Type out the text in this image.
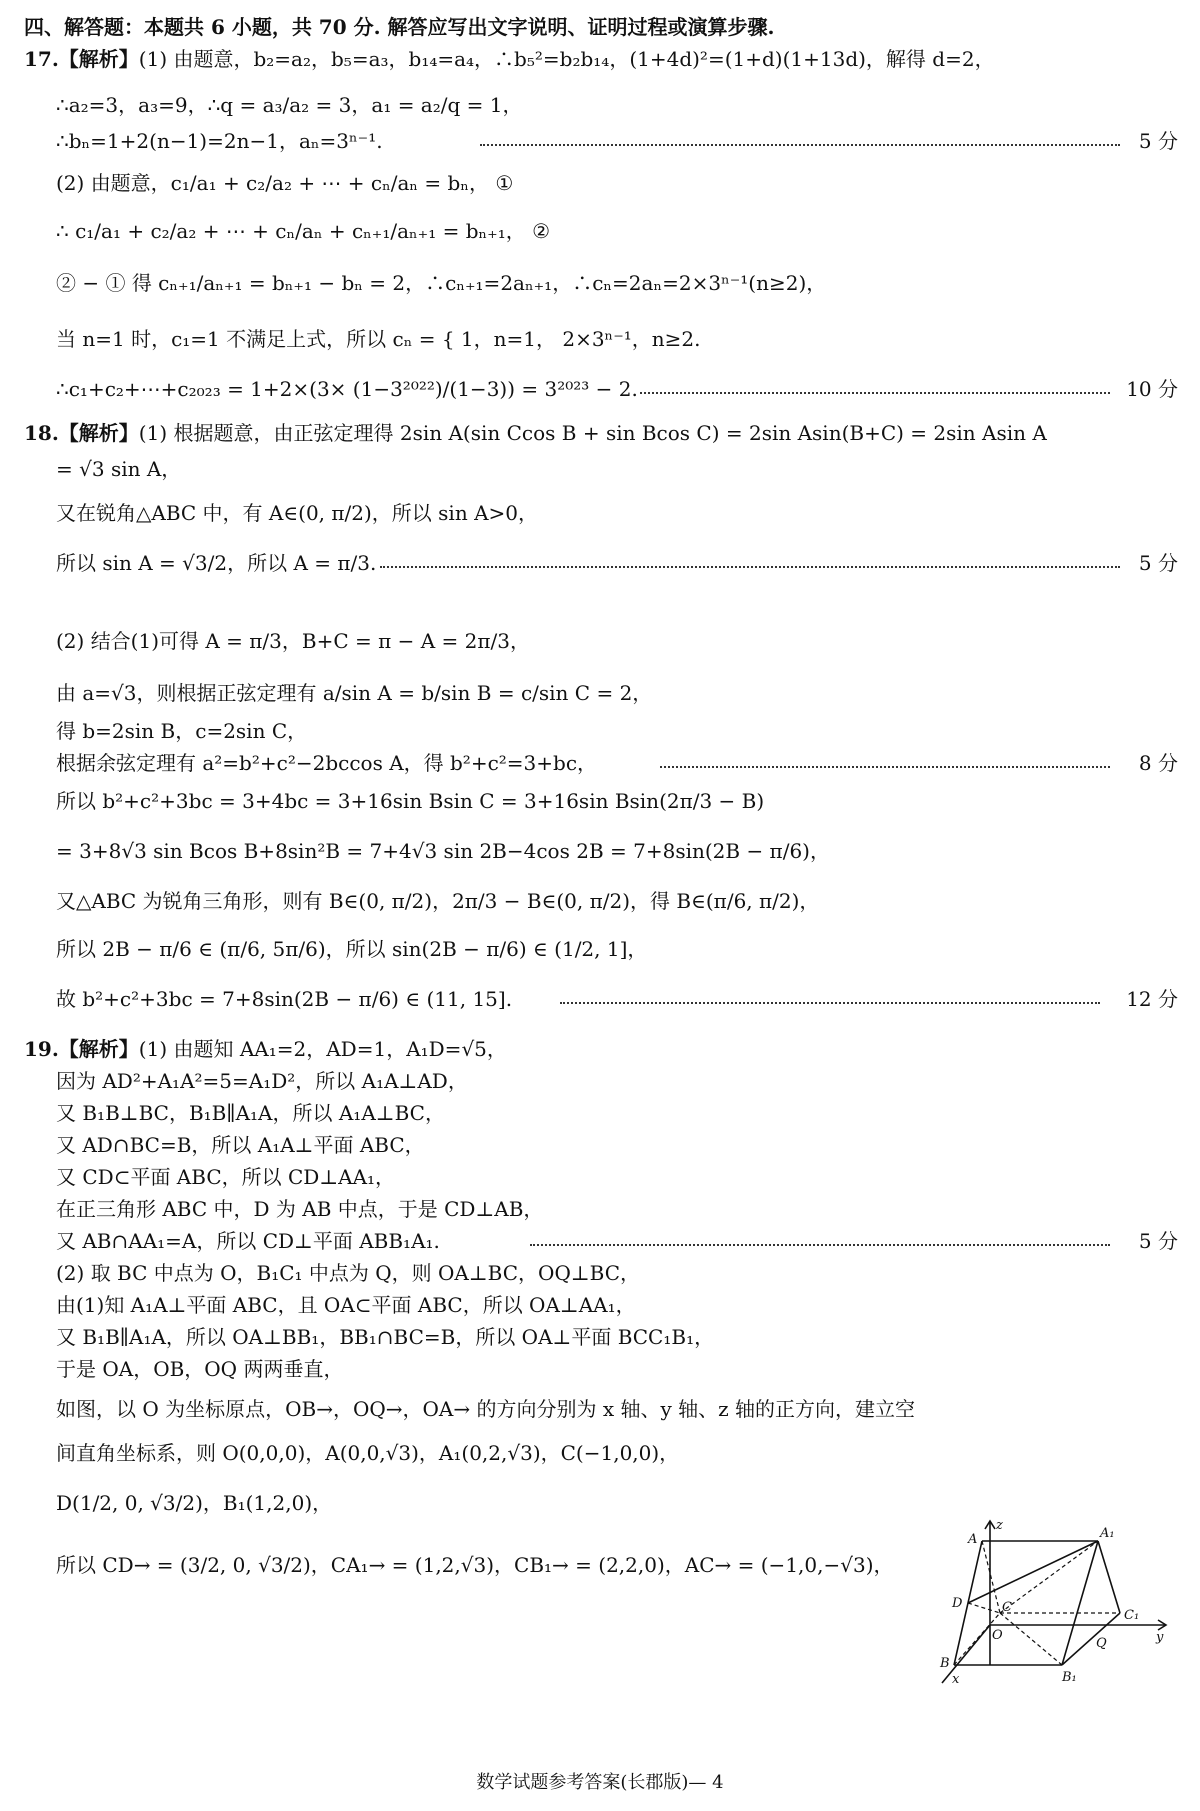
四、解答题：本题共 6 小题，共 70 分. 解答应写出文字说明、证明过程或演算步骤.
17.【解析】(1) 由题意，b₂=a₂，b₅=a₃，b₁₄=a₄，∴b₅²=b₂b₁₄，(1+4d)²=(1+d)(1+13d)，解得 d=2，
∴a₂=3，a₃=9，∴q = a₃/a₂ = 3，a₁ = a₂/q = 1，
∴bₙ=1+2(n−1)=2n−1，aₙ=3ⁿ⁻¹.	5 分
(2) 由题意，c₁/a₁ + c₂/a₂ + ⋯ + cₙ/aₙ = bₙ， ①
∴ c₁/a₁ + c₂/a₂ + ⋯ + cₙ/aₙ + cₙ₊₁/aₙ₊₁ = bₙ₊₁， ②
② − ① 得 cₙ₊₁/aₙ₊₁ = bₙ₊₁ − bₙ = 2，∴cₙ₊₁=2aₙ₊₁，∴cₙ=2aₙ=2×3ⁿ⁻¹(n≥2)，
当 n=1 时，c₁=1 不满足上式，所以 cₙ = { 1，n=1， 2×3ⁿ⁻¹，n≥2.
∴c₁+c₂+⋯+c₂₀₂₃ = 1+2×(3× (1−3²⁰²²)/(1−3)) = 3²⁰²³ − 2.	10 分
18.【解析】(1) 根据题意，由正弦定理得 2sin A(sin Ccos B + sin Bcos C) = 2sin Asin(B+C) = 2sin Asin A
= √3 sin A，
又在锐角△ABC 中，有 A∈(0, π/2)，所以 sin A>0，
所以 sin A = √3/2，所以 A = π/3.	5 分
(2) 结合(1)可得 A = π/3，B+C = π − A = 2π/3，
由 a=√3，则根据正弦定理有 a/sin A = b/sin B = c/sin C = 2，
得 b=2sin B，c=2sin C，
根据余弦定理有 a²=b²+c²−2bccos A，得 b²+c²=3+bc，	8 分
所以 b²+c²+3bc = 3+4bc = 3+16sin Bsin C = 3+16sin Bsin(2π/3 − B)
= 3+8√3 sin Bcos B+8sin²B = 7+4√3 sin 2B−4cos 2B = 7+8sin(2B − π/6)，
又△ABC 为锐角三角形，则有 B∈(0, π/2)，2π/3 − B∈(0, π/2)，得 B∈(π/6, π/2)，
所以 2B − π/6 ∈ (π/6, 5π/6)，所以 sin(2B − π/6) ∈ (1/2, 1]，
故 b²+c²+3bc = 7+8sin(2B − π/6) ∈ (11, 15].	12 分
19.【解析】(1) 由题知 AA₁=2，AD=1，A₁D=√5，
因为 AD²+A₁A²=5=A₁D²，所以 A₁A⊥AD，
又 B₁B⊥BC，B₁B∥A₁A，所以 A₁A⊥BC，
又 AD∩BC=B，所以 A₁A⊥平面 ABC，
又 CD⊂平面 ABC，所以 CD⊥AA₁，
在正三角形 ABC 中，D 为 AB 中点，于是 CD⊥AB，
又 AB∩AA₁=A，所以 CD⊥平面 ABB₁A₁.	5 分
(2) 取 BC 中点为 O，B₁C₁ 中点为 Q，则 OA⊥BC，OQ⊥BC，
由(1)知 A₁A⊥平面 ABC，且 OA⊂平面 ABC，所以 OA⊥AA₁，
又 B₁B∥A₁A，所以 OA⊥BB₁，BB₁∩BC=B，所以 OA⊥平面 BCC₁B₁，
于是 OA，OB，OQ 两两垂直，
如图，以 O 为坐标原点，OB→，OQ→，OA→ 的方向分别为 x 轴、y 轴、z 轴的正方向，建立空
间直角坐标系，则 O(0,0,0)，A(0,0,√3)，A₁(0,2,√3)，C(−1,0,0)，
D(1/2, 0, √3/2)，B₁(1,2,0)，
所以 CD→ = (3/2, 0, √3/2)，CA₁→ = (1,2,√3)，CB₁→ = (2,2,0)，AC→ = (−1,0,−√3)，
z
A	A₁
D	C
O
C₁
y
B
Q
B₁
x
数学试题参考答案(长郡版)— 4
